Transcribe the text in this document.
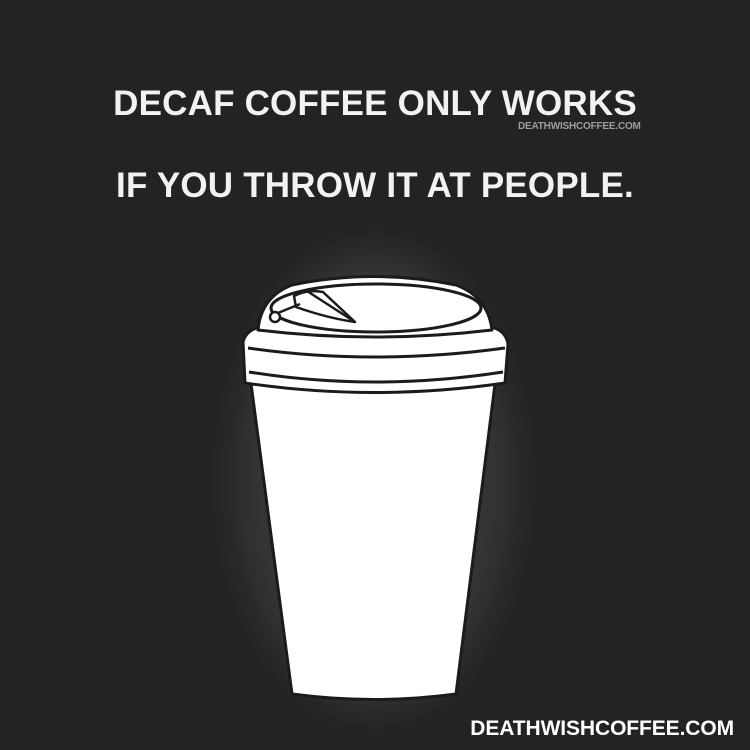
DECAF COFFEE ONLY WORKS
DEATHWISHCOFFEE.COM
IF YOU THROW IT AT PEOPLE.
DEATHWISHCOFFEE.COM
